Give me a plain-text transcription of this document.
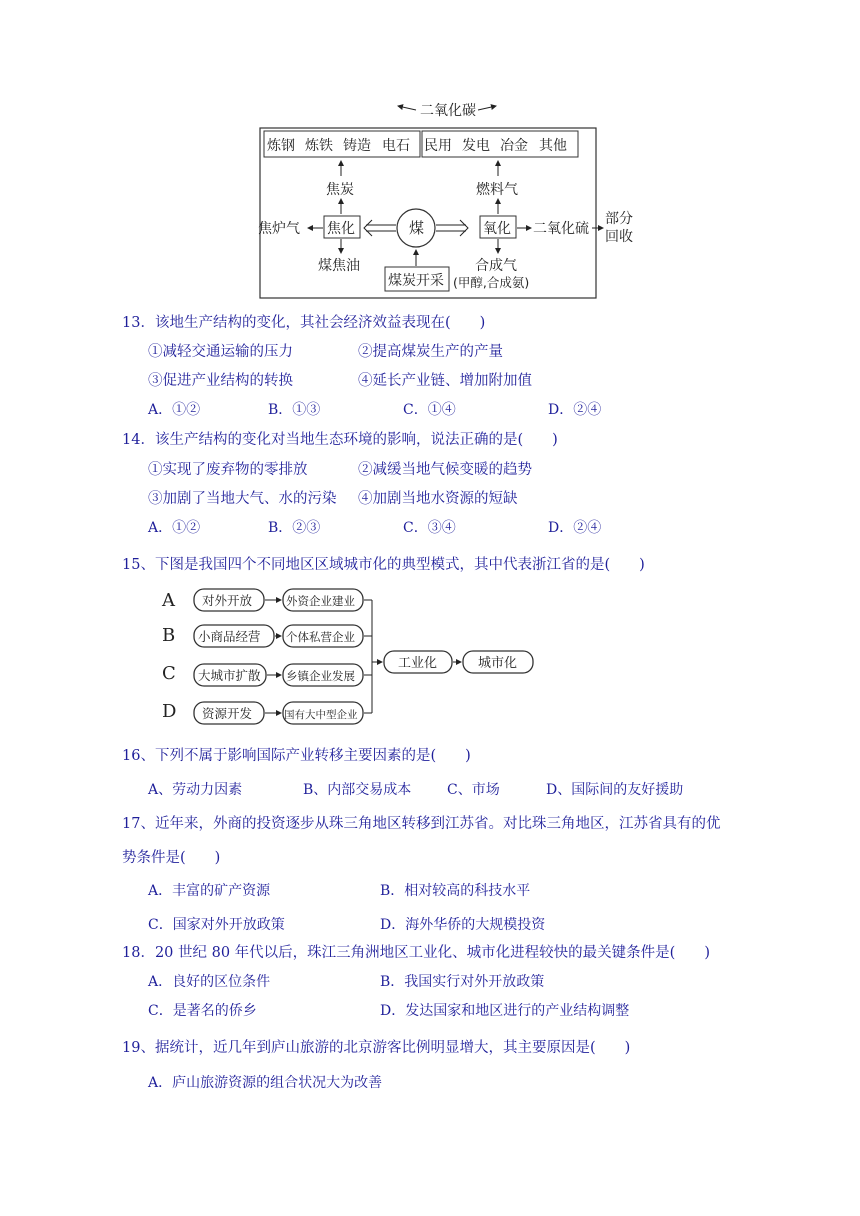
二氧化碳
炼钢 炼铁 铸造 电石 民用 发电 冶金 其他
焦炭	燃料气
焦炉气 焦化	煤	氧化 二氧化硫
部分
回收
煤焦油	合成气
煤炭开采 (甲醇,合成氨)
13．该地生产结构的变化，其社会经济效益表现在(　　)
①减轻交通运输的压力	②提高煤炭生产的产量
③促进产业结构的转换	④延长产业链、增加附加值
A．①②	B．①③	C．①④	D．②④
14．该生产结构的变化对当地生态环境的影响，说法正确的是(　　)
①实现了废弃物的零排放	②减缓当地气候变暖的趋势
③加剧了当地大气、水的污染 ④加剧当地水资源的短缺
A．①②	B．②③	C．③④	D．②④
15、下图是我国四个不同地区区域城市化的典型模式，其中代表浙江省的是(　　)
A
B
C
D
对外开放	外资企业建业
小商品经营 个体私营企业
大城市扩散 乡镇企业发展
资源开发	国有大中型企业
工业化	城市化
16、下列不属于影响国际产业转移主要因素的是(　　)
A、劳动力因素	B、内部交易成本	C、市场	D、国际间的友好援助
17、近年来，外商的投资逐步从珠三角地区转移到江苏省。对比珠三角地区，江苏省具有的优
势条件是(　　)
A．丰富的矿产资源	B．相对较高的科技水平
C．国家对外开放政策	D．海外华侨的大规模投资
18．20 世纪 80 年代以后，珠江三角洲地区工业化、城市化进程较快的最关键条件是(　　)
A．良好的区位条件	B．我国实行对外开放政策
C．是著名的侨乡	D．发达国家和地区进行的产业结构调整
19、据统计，近几年到庐山旅游的北京游客比例明显增大，其主要原因是(　　)
A．庐山旅游资源的组合状况大为改善
